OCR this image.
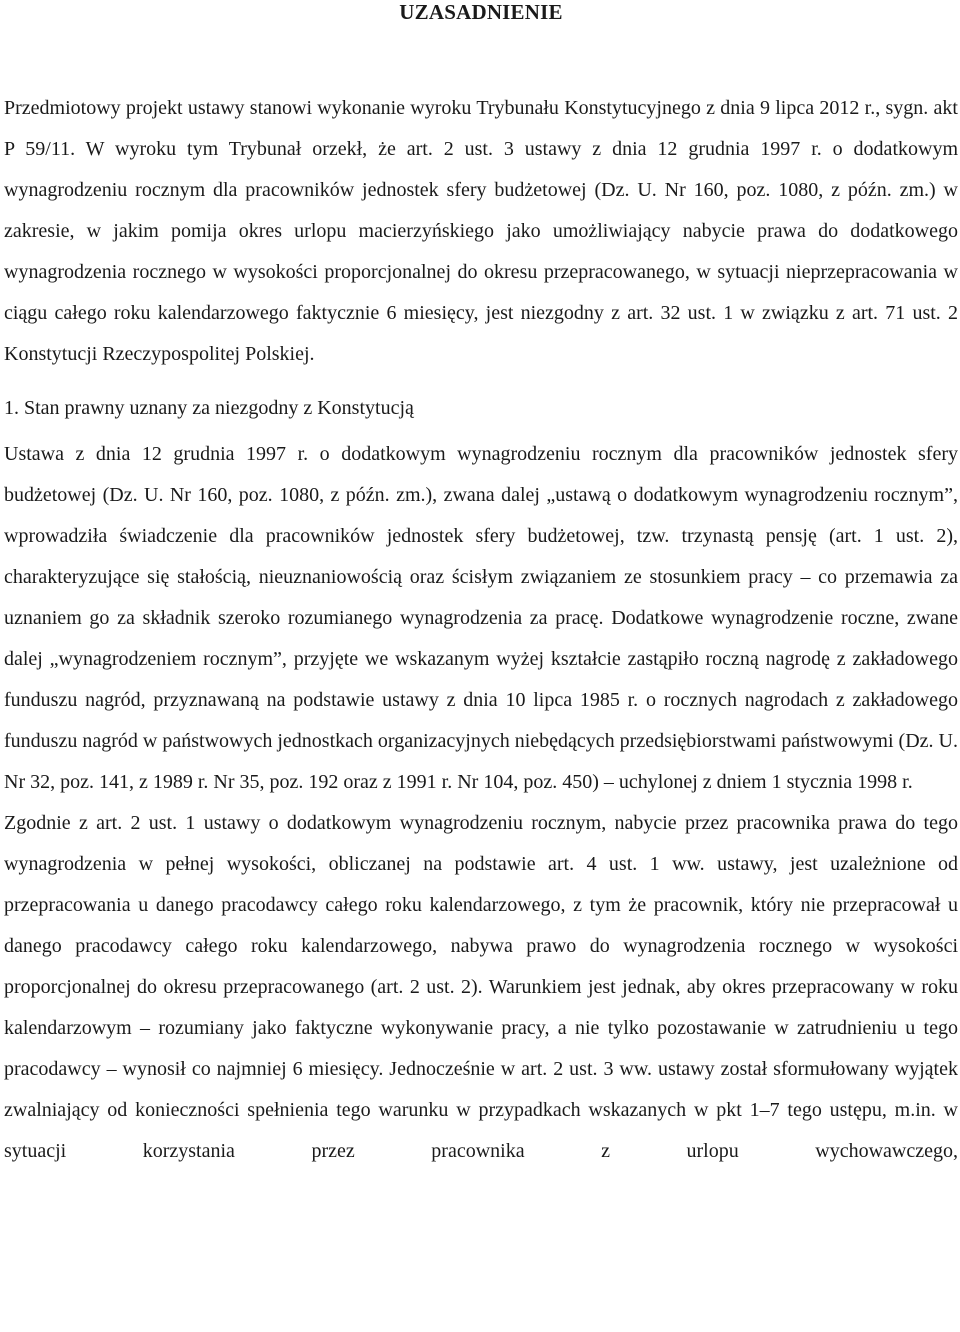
UZASADNIENIE

Przedmiotowy projekt ustawy stanowi wykonanie wyroku Trybunału Konstytucyjnego z dnia 9 lipca 2012 r., sygn. akt P 59/11. W wyroku tym Trybunał orzekł, że art. 2 ust. 3 ustawy z dnia 12 grudnia 1997 r. o dodatkowym wynagrodzeniu rocznym dla pracowników jednostek sfery budżetowej (Dz. U. Nr 160, poz. 1080, z późn. zm.) w zakresie, w jakim pomija okres urlopu macierzyńskiego jako umożliwiający nabycie prawa do dodatkowego wynagrodzenia rocznego w wysokości proporcjonalnej do okresu przepracowanego, w sytuacji nieprzepracowania w ciągu całego roku kalendarzowego faktycznie 6 miesięcy, jest niezgodny z art. 32 ust. 1 w związku z art. 71 ust. 2 Konstytucji Rzeczypospolitej Polskiej.

1. Stan prawny uznany za niezgodny z Konstytucją

Ustawa z dnia 12 grudnia 1997 r. o dodatkowym wynagrodzeniu rocznym dla pracowników jednostek sfery budżetowej (Dz. U. Nr 160, poz. 1080, z późn. zm.), zwana dalej „ustawą o dodatkowym wynagrodzeniu rocznym”, wprowadziła świadczenie dla pracowników jednostek sfery budżetowej, tzw. trzynastą pensję (art. 1 ust. 2), charakteryzujące się stałością, nieuznaniowością oraz ścisłym związaniem ze stosunkiem pracy – co przemawia za uznaniem go za składnik szeroko rozumianego wynagrodzenia za pracę. Dodatkowe wynagrodzenie roczne, zwane dalej „wynagrodzeniem rocznym”, przyjęte we wskazanym wyżej kształcie zastąpiło roczną nagrodę z zakładowego funduszu nagród, przyznawaną na podstawie ustawy z dnia 10 lipca 1985 r. o rocznych nagrodach z zakładowego funduszu nagród w państwowych jednostkach organizacyjnych niebędących przedsiębiorstwami państwowymi (Dz. U. Nr 32, poz. 141, z 1989 r. Nr 35, poz. 192 oraz z 1991 r. Nr 104, poz. 450) – uchylonej z dniem 1 stycznia 1998 r.

Zgodnie z art. 2 ust. 1 ustawy o dodatkowym wynagrodzeniu rocznym, nabycie przez pracownika prawa do tego wynagrodzenia w pełnej wysokości, obliczanej na podstawie art. 4 ust. 1 ww. ustawy, jest uzależnione od przepracowania u danego pracodawcy całego roku kalendarzowego, z tym że pracownik, który nie przepracował u danego pracodawcy całego roku kalendarzowego, nabywa prawo do wynagrodzenia rocznego w wysokości proporcjonalnej do okresu przepracowanego (art. 2 ust. 2). Warunkiem jest jednak, aby okres przepracowany w roku kalendarzowym – rozumiany jako faktyczne wykonywanie pracy, a nie tylko pozostawanie w zatrudnieniu u tego pracodawcy – wynosił co najmniej 6 miesięcy. Jednocześnie w art. 2 ust. 3 ww. ustawy został sformułowany wyjątek zwalniający od konieczności spełnienia tego warunku w przypadkach wskazanych w pkt 1–7 tego ustępu, m.in. w sytuacji korzystania przez pracownika z urlopu wychowawczego,
